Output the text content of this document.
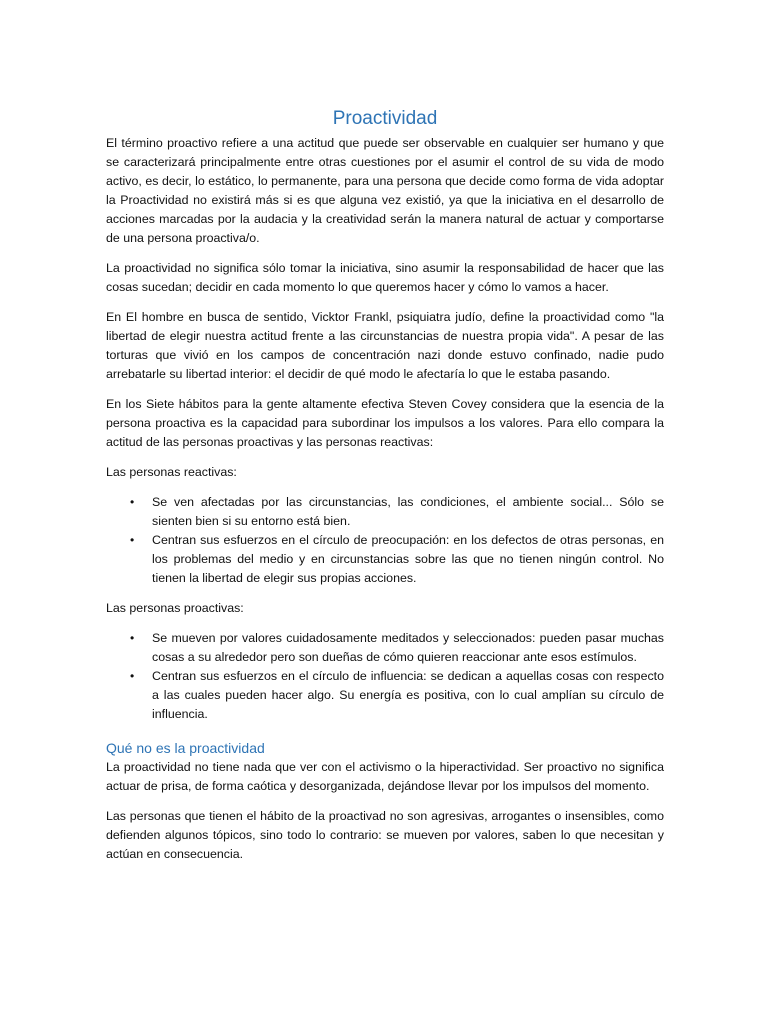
Proactividad

El término proactivo refiere a una actitud que puede ser observable en cualquier ser humano y que se caracterizará principalmente entre otras cuestiones por el asumir el control de su vida de modo activo, es decir, lo estático, lo permanente, para una persona que decide como forma de vida adoptar la Proactividad no existirá más si es que alguna vez existió, ya que la iniciativa en el desarrollo de acciones marcadas por la audacia y la creatividad serán la manera natural de actuar y comportarse de una persona proactiva/o.

La proactividad no significa sólo tomar la iniciativa, sino asumir la responsabilidad de hacer que las cosas sucedan; decidir en cada momento lo que queremos hacer y cómo lo vamos a hacer.

En El hombre en busca de sentido, Vicktor Frankl, psiquiatra judío, define la proactividad como "la libertad de elegir nuestra actitud frente a las circunstancias de nuestra propia vida". A pesar de las torturas que vivió en los campos de concentración nazi donde estuvo confinado, nadie pudo arrebatarle su libertad interior: el decidir de qué modo le afectaría lo que le estaba pasando.

En los Siete hábitos para la gente altamente efectiva Steven Covey considera que la esencia de la persona proactiva es la capacidad para subordinar los impulsos a los valores. Para ello compara la actitud de las personas proactivas y las personas reactivas:

Las personas reactivas:

• Se ven afectadas por las circunstancias, las condiciones, el ambiente social... Sólo se sienten bien si su entorno está bien.
• Centran sus esfuerzos en el círculo de preocupación: en los defectos de otras personas, en los problemas del medio y en circunstancias sobre las que no tienen ningún control. No tienen la libertad de elegir sus propias acciones.

Las personas proactivas:

• Se mueven por valores cuidadosamente meditados y seleccionados: pueden pasar muchas cosas a su alrededor pero son dueñas de cómo quieren reaccionar ante esos estímulos.
• Centran sus esfuerzos en el círculo de influencia: se dedican a aquellas cosas con respecto a las cuales pueden hacer algo. Su energía es positiva, con lo cual amplían su círculo de influencia.
Qué no es la proactividad

La proactividad no tiene nada que ver con el activismo o la hiperactividad. Ser proactivo no significa actuar de prisa, de forma caótica y desorganizada, dejándose llevar por los impulsos del momento.

Las personas que tienen el hábito de la proactivad no son agresivas, arrogantes o insensibles, como defienden algunos tópicos, sino todo lo contrario: se mueven por valores, saben lo que necesitan y actúan en consecuencia.
